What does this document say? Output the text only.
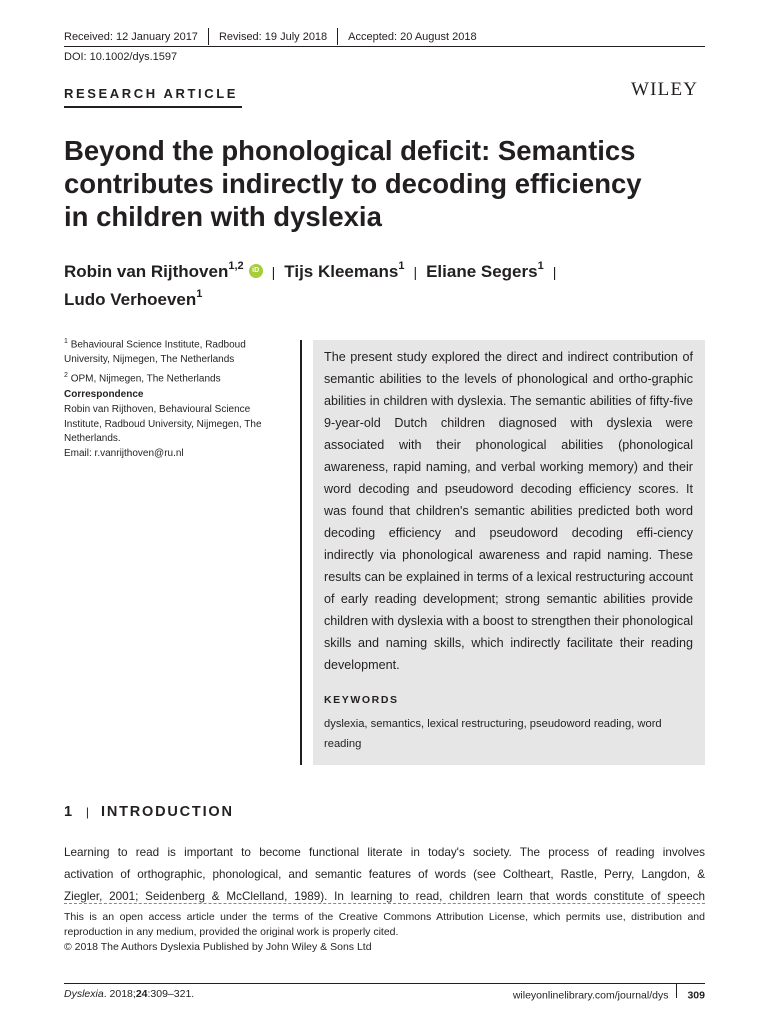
Received: 12 January 2017 Revised: 19 July 2018 Accepted: 20 August 2018
DOI: 10.1002/dys.1597
RESEARCH ARTICLE	WILEY
Beyond the phonological deficit: Semantics
contributes indirectly to decoding efficiency
in children with dyslexia
Robin van Rijthoven$^{1,2}$ iD | Tijs Kleemans$^1$ | Eliane Segers$^1$ |
Ludo Verhoeven$^1$
$^1$ Behavioural Science Institute, Radboud University, Nijmegen, The Netherlands
$^2$ OPM, Nijmegen, The Netherlands
Correspondence
Robin van Rijthoven, Behavioural Science Institute, Radboud University, Nijmegen, The Netherlands.
Email: r.vanrijthoven@ru.nl
The present study explored the direct and indirect contribution of semantic abilities to the levels of phonological and ortho-graphic abilities in children with dyslexia. The semantic abilities of fifty-five 9-year-old Dutch children diagnosed with dyslexia were associated with their phonological abilities (phonological awareness, rapid naming, and verbal working memory) and their word decoding and pseudoword decoding efficiency scores. It was found that children's semantic abilities predicted both word decoding efficiency and pseudoword decoding effi-ciency indirectly via phonological awareness and rapid naming. These results can be explained in terms of a lexical restructuring account of early reading development; strong semantic abilities provide children with dyslexia with a boost to strengthen their phonological skills and naming skills, which indirectly facilitate their reading development.
KEYWORDS
dyslexia, semantics, lexical restructuring, pseudoword reading, word reading
1 | INTRODUCTION
Learning to read is important to become functional literate in today's society. The process of reading involves
activation of orthographic, phonological, and semantic features of words (see Coltheart, Rastle, Perry, Langdon, &
Ziegler, 2001; Seidenberg & McClelland, 1989). In learning to read, children learn that words constitute of speech
This is an open access article under the terms of the Creative Commons Attribution License, which permits use, distribution and
reproduction in any medium, provided the original work is properly cited.
© 2018 The Authors Dyslexia Published by John Wiley & Sons Ltd
Dyslexia. 2018;24:309–321.	wileyonlinelibrary.com/journal/dys 309
